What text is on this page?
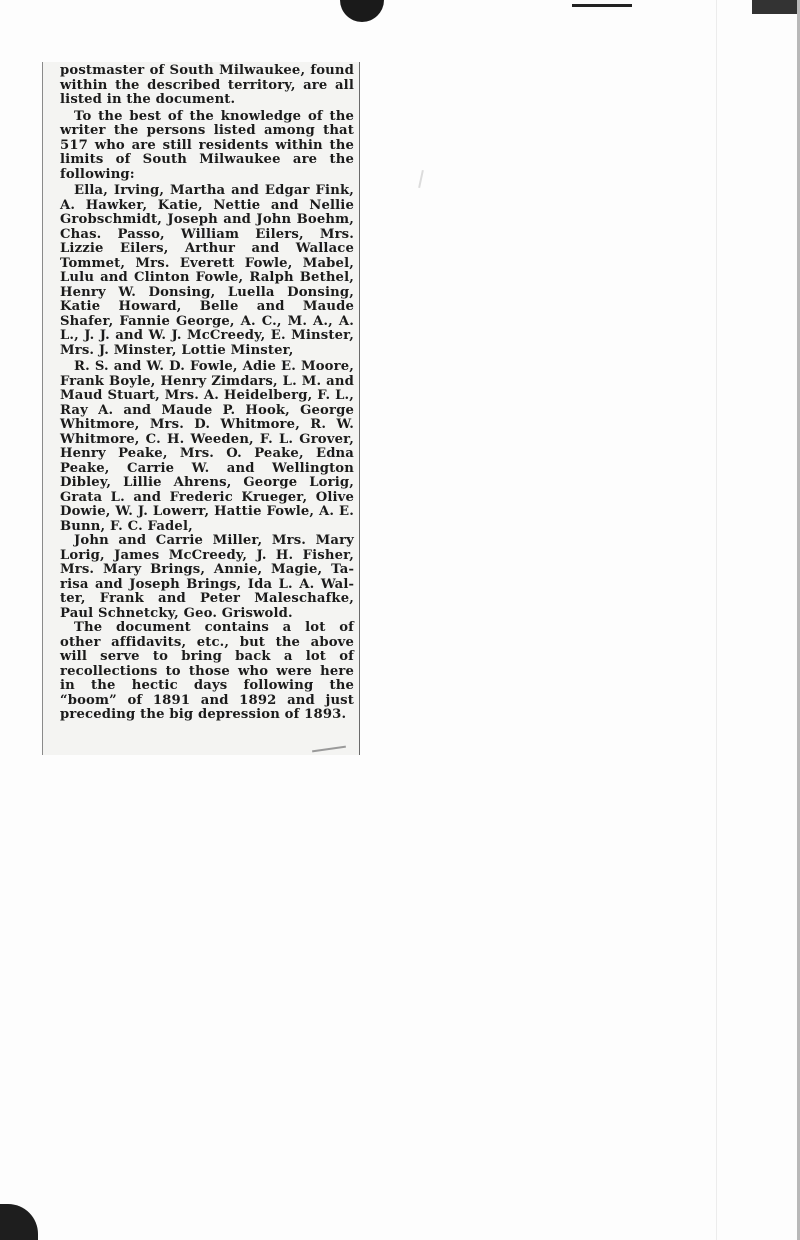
postmaster of South Milwaukee, found within the described territory, are all listed in the document.

To the best of the knowledge of the writer the persons listed among that 517 who are still residents within the limits of South Milwaukee are the following:

Ella, Irving, Martha and Edgar Fink, A. Hawker, Katie, Nettie and Nellie Grobschmidt, Joseph and John Boehm, Chas. Passo, William Eilers, Mrs. Lizzie Eilers, Arthur and Wallace Tommet, Mrs. Everett Fowle, Mabel, Lulu and Clinton Fowle, Ralph Bethel, Henry W. Donsing, Luella Donsing, Katie Howard, Belle and Maude Shafer, Fannie George, A. C., M. A., A. L., J. J. and W. J. McCreedy, E. Minster, Mrs. J. Minster, Lottie Minster,

R. S. and W. D. Fowle, Adie E. Moore, Frank Boyle, Henry Zimdars, L. M. and Maud Stuart, Mrs. A. Heidelberg, F. L., Ray A. and Maude P. Hook, George Whitmore, Mrs. D. Whitmore, R. W. Whitmore, C. H. Weeden, F. L. Grover, Henry Peake, Mrs. O. Peake, Edna Peake, Carrie W. and Wellington Dibley, Lillie Ahrens, George Lorig, Grata L. and Frederic Krueger, Olive Dowie, W. J. Lowerr, Hattie Fowle, A. E. Bunn, F. C. Fadel,

John and Carrie Miller, Mrs. Mary Lorig, James McCreedy, J. H. Fisher, Mrs. Mary Brings, Annie, Magie, Tarisa and Joseph Brings, Ida L. A. Walter, Frank and Peter Maleschafke, Paul Schnetcky, Geo. Griswold.

The document contains a lot of other affidavits, etc., but the above will serve to bring back a lot of recollections to those who were here in the hectic days following the “boom” of 1891 and 1892 and just preceding the big depression of 1893.
